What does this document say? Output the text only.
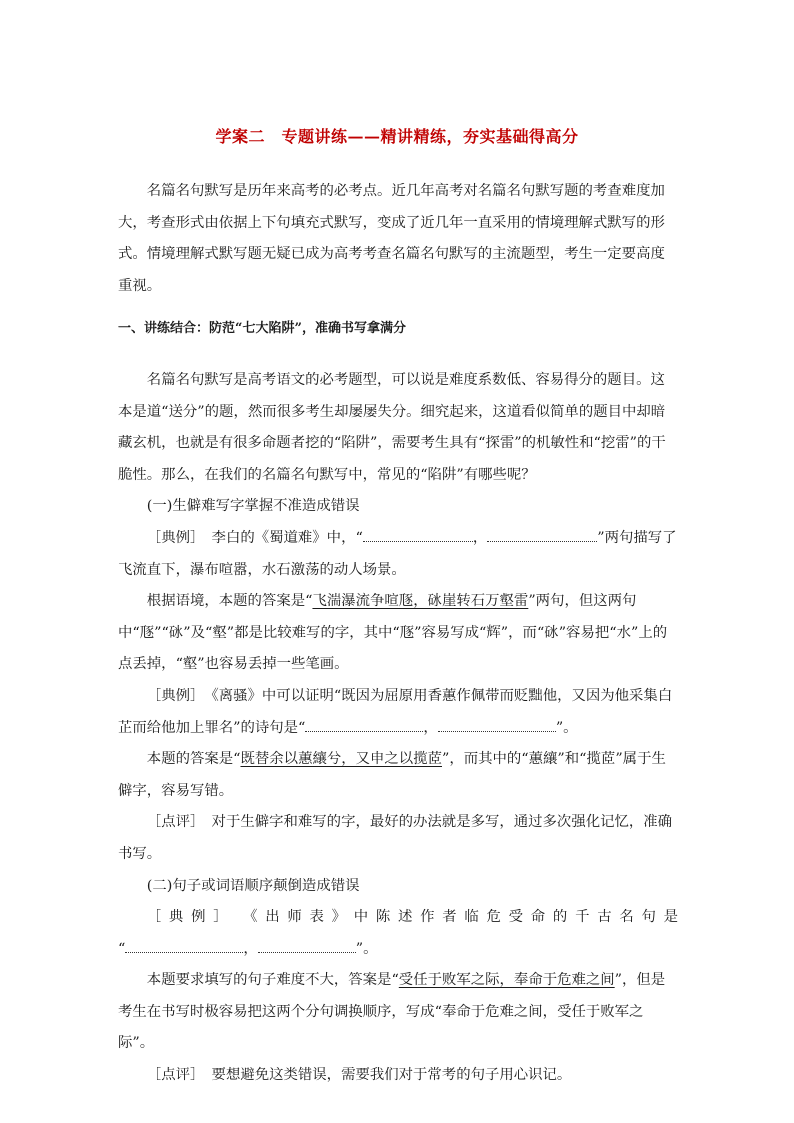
学案二　专题讲练——精讲精练，夯实基础得高分

名篇名句默写是历年来高考的必考点。近几年高考对名篇名句默写题的考查难度加大，考查形式由依据上下句填充式默写，变成了近几年一直采用的情境理解式默写的形式。情境理解式默写题无疑已成为高考考查名篇名句默写的主流题型，考生一定要高度重视。

一、讲练结合：防范“七大陷阱”，准确书写拿满分

名篇名句默写是高考语文的必考题型，可以说是难度系数低、容易得分的题目。这本是道“送分”的题，然而很多考生却屡屡失分。细究起来，这道看似简单的题目中却暗藏玄机，也就是有很多命题者挖的“陷阱”，需要考生具有“探雷”的机敏性和“挖雷”的干脆性。那么，在我们的名篇名句默写中，常见的“陷阱”有哪些呢？

(一)生僻难写字掌握不准造成错误

［典例］　李白的《蜀道难》中，“	，	”两句描写了飞流直下，瀑布喧嚣，水石激荡的动人场景。

根据语境，本题的答案是“飞湍瀑流争喧豗，砯崖转石万壑雷”两句，但这两句中“豗”“砯”及“壑”都是比较难写的字，其中“豗”容易写成“辉”，而“砯”容易把“水”上的点丢掉，“壑”也容易丢掉一些笔画。

［典例］　《离骚》中可以证明“既因为屈原用香蕙作佩带而贬黜他，又因为他采集白芷而给他加上罪名”的诗句是“	，	”。

本题的答案是“既替余以蕙纕兮，又申之以揽茝”，而其中的“蕙纕”和“揽茝”属于生僻字，容易写错。

［点评］　对于生僻字和难写的字，最好的办法就是多写，通过多次强化记忆，准确书写。

(二)句子或词语顺序颠倒造成错误

［典例］　《出师表》中陈述作者临危受命的千古名句是

“	，	”。

本题要求填写的句子难度不大，答案是“受任于败军之际，奉命于危难之间”，但是考生在书写时极容易把这两个分句调换顺序，写成“奉命于危难之间，受任于败军之际”。

［点评］　要想避免这类错误，需要我们对于常考的句子用心识记。
